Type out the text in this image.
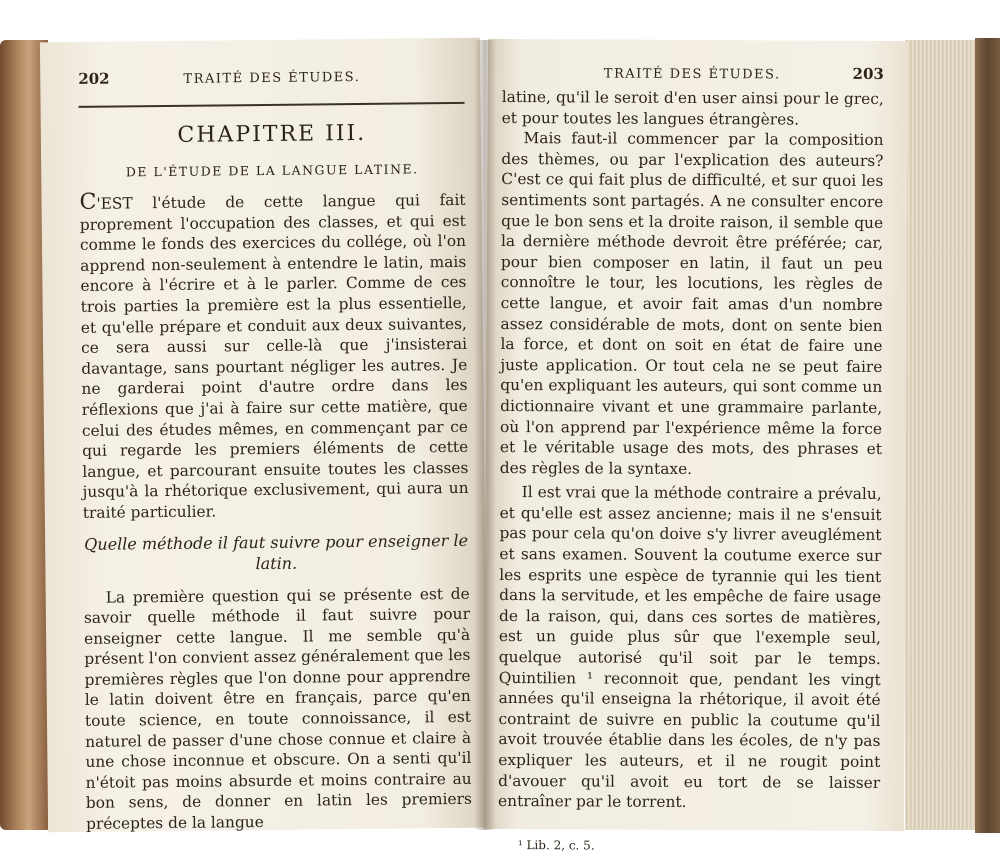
202	TRAITÉ DES ÉTUDES.
CHAPITRE III.
DE L'ÉTUDE DE LA LANGUE LATINE.

C'EST l'étude de cette langue qui fait proprement l'occupation des classes, et qui est comme le fonds des exercices du collége, où l'on apprend non-seulement à entendre le latin, mais encore à l'écrire et à le parler. Comme de ces trois parties la première est la plus essentielle, et qu'elle prépare et conduit aux deux suivantes, ce sera aussi sur celle-là que j'insisterai davantage, sans pourtant négliger les autres. Je ne garderai point d'autre ordre dans les réflexions que j'ai à faire sur cette matière, que celui des études mêmes, en commençant par ce qui regarde les premiers éléments de cette langue, et parcourant ensuite toutes les classes jusqu'à la rhétorique exclusivement, qui aura un traité particulier.

Quelle méthode il faut suivre pour enseigner le latin.

La première question qui se présente est de savoir quelle méthode il faut suivre pour enseigner cette langue. Il me semble qu'à présent l'on convient assez généralement que les premières règles que l'on donne pour apprendre le latin doivent être en français, parce qu'en toute science, en toute connoissance, il est naturel de passer d'une chose connue et claire à une chose inconnue et obscure. On a senti qu'il n'étoit pas moins absurde et moins contraire au bon sens, de donner en latin les premiers préceptes de la langue

TRAITÉ DES ÉTUDES.	203

latine, qu'il le seroit d'en user ainsi pour le grec, et pour toutes les langues étrangères.

Mais faut-il commencer par la composition des thèmes, ou par l'explication des auteurs? C'est ce qui fait plus de difficulté, et sur quoi les sentiments sont partagés. A ne consulter encore que le bon sens et la droite raison, il semble que la dernière méthode devroit être préférée; car, pour bien composer en latin, il faut un peu connoître le tour, les locutions, les règles de cette langue, et avoir fait amas d'un nombre assez considérable de mots, dont on sente bien la force, et dont on soit en état de faire une juste application. Or tout cela ne se peut faire qu'en expliquant les auteurs, qui sont comme un dictionnaire vivant et une grammaire parlante, où l'on apprend par l'expérience même la force et le véritable usage des mots, des phrases et des règles de la syntaxe.

Il est vrai que la méthode contraire a prévalu, et qu'elle est assez ancienne; mais il ne s'ensuit pas pour cela qu'on doive s'y livrer aveuglément et sans examen. Souvent la coutume exerce sur les esprits une espèce de tyrannie qui les tient dans la servitude, et les empêche de faire usage de la raison, qui, dans ces sortes de matières, est un guide plus sûr que l'exemple seul, quelque autorisé qu'il soit par le temps. Quintilien ¹ reconnoit que, pendant les vingt années qu'il enseigna la rhétorique, il avoit été contraint de suivre en public la coutume qu'il avoit trouvée établie dans les écoles, de n'y pas expliquer les auteurs, et il ne rougit point d'avouer qu'il avoit eu tort de se laisser entraîner par le torrent.

¹ Lib. 2, c. 5.
